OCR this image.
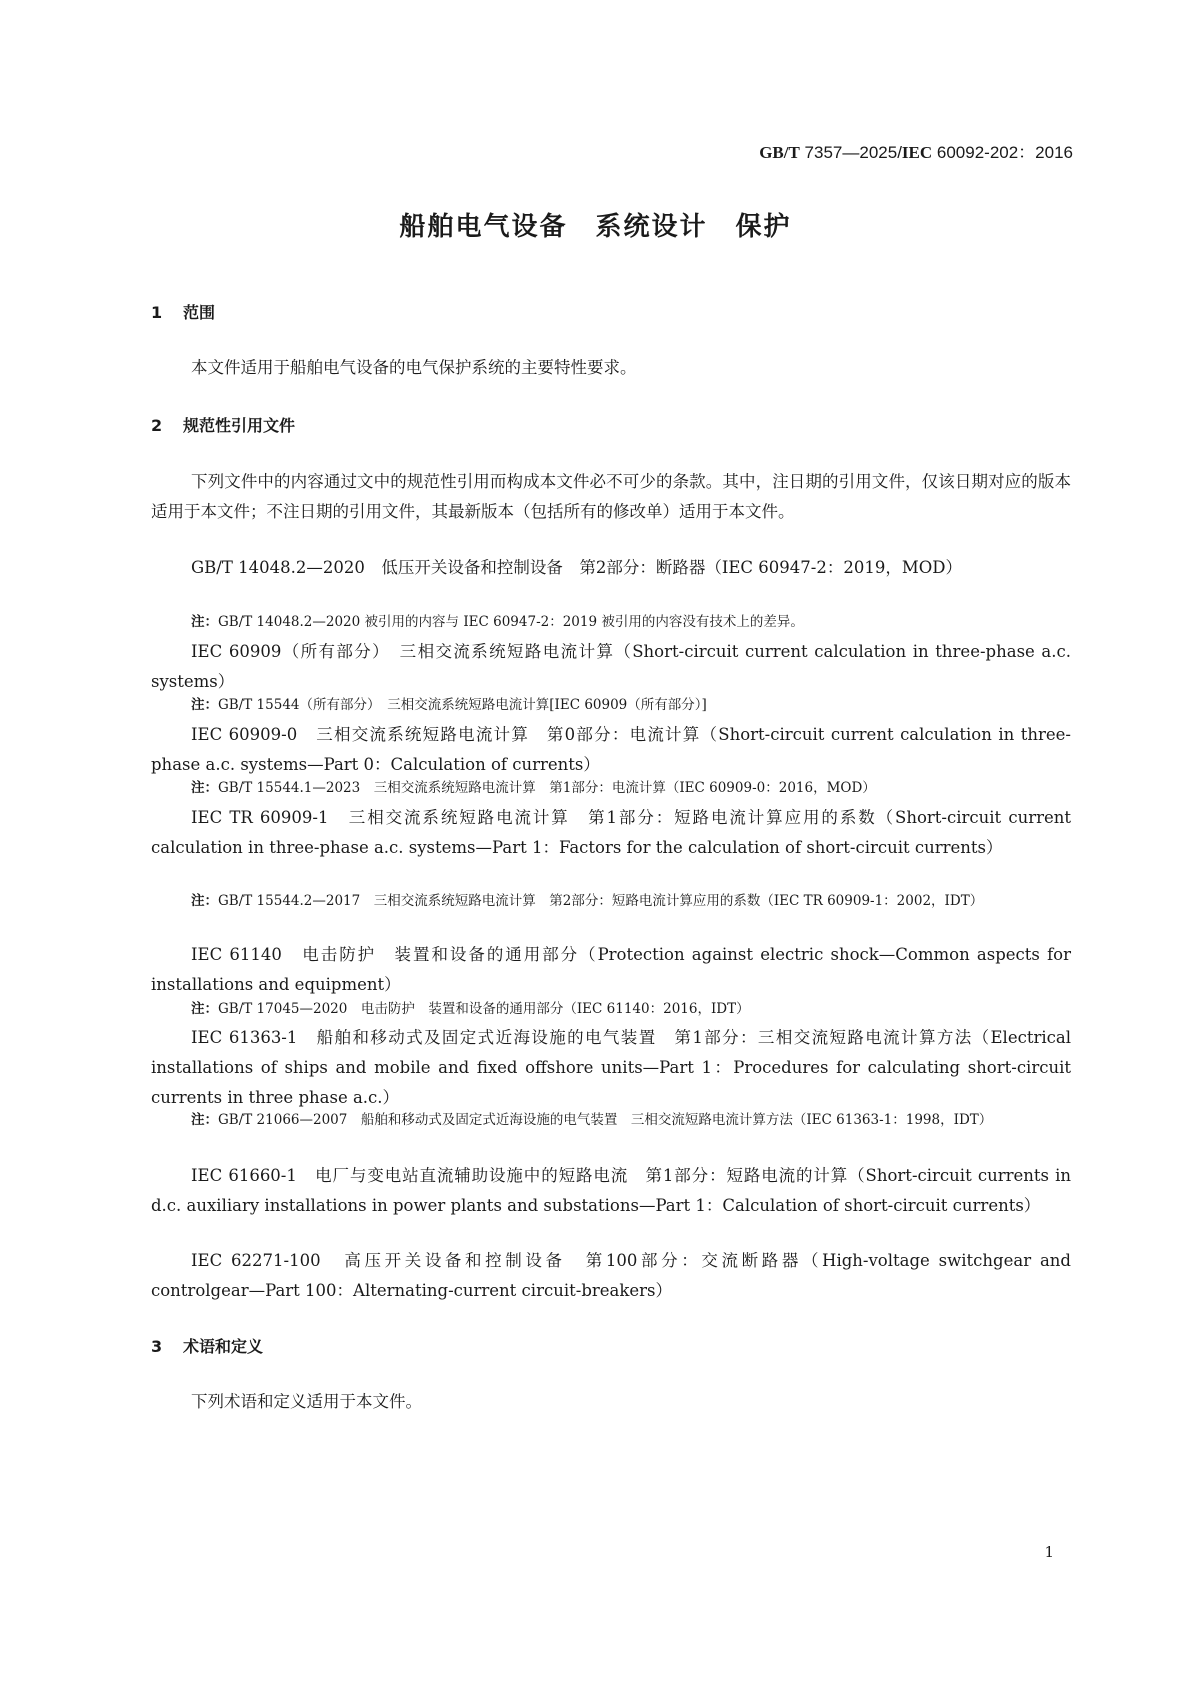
GB/T 7357—2025/IEC 60092-202：2016
船舶电气设备　系统设计　保护
1 范围
本文件适用于船舶电气设备的电气保护系统的主要特性要求。
2 规范性引用文件
下列文件中的内容通过文中的规范性引用而构成本文件必不可少的条款。其中，注日期的引用文件，仅该日期对应的版本适用于本文件；不注日期的引用文件，其最新版本（包括所有的修改单）适用于本文件。
GB/T 14048.2—2020　低压开关设备和控制设备　第2部分：断路器（IEC 60947-2：2019，MOD）
注：GB/T 14048.2—2020 被引用的内容与 IEC 60947-2：2019 被引用的内容没有技术上的差异。
IEC 60909（所有部分）　三相交流系统短路电流计算（Short-circuit current calculation in three-phase a.c. systems）
注：GB/T 15544（所有部分）　三相交流系统短路电流计算[IEC 60909（所有部分）]
IEC 60909-0　三相交流系统短路电流计算　第0部分：电流计算（Short-circuit current calculation in three-phase a.c. systems—Part 0：Calculation of currents）
注：GB/T 15544.1—2023　三相交流系统短路电流计算　第1部分：电流计算（IEC 60909-0：2016，MOD）
IEC TR 60909-1　三相交流系统短路电流计算　第1部分：短路电流计算应用的系数（Short-circuit current calculation in three-phase a.c. systems—Part 1：Factors for the calculation of short-circuit currents）
注：GB/T 15544.2—2017　三相交流系统短路电流计算　第2部分：短路电流计算应用的系数（IEC TR 60909-1：2002，IDT）
IEC 61140　电击防护　装置和设备的通用部分（Protection against electric shock—Common aspects for installations and equipment）
注：GB/T 17045—2020　电击防护　装置和设备的通用部分（IEC 61140：2016，IDT）
IEC 61363-1　船舶和移动式及固定式近海设施的电气装置　第1部分：三相交流短路电流计算方法（Electrical installations of ships and mobile and fixed offshore units—Part 1：Procedures for calculating short-circuit currents in three phase a.c.）
注：GB/T 21066—2007　船舶和移动式及固定式近海设施的电气装置　三相交流短路电流计算方法（IEC 61363-1：1998，IDT）
IEC 61660-1　电厂与变电站直流辅助设施中的短路电流　第1部分：短路电流的计算（Short-circuit currents in d.c. auxiliary installations in power plants and substations—Part 1：Calculation of short-circuit currents）
IEC 62271-100　高压开关设备和控制设备　第100部分：交流断路器（High-voltage switchgear and controlgear—Part 100：Alternating-current circuit-breakers）
3 术语和定义
下列术语和定义适用于本文件。
1
